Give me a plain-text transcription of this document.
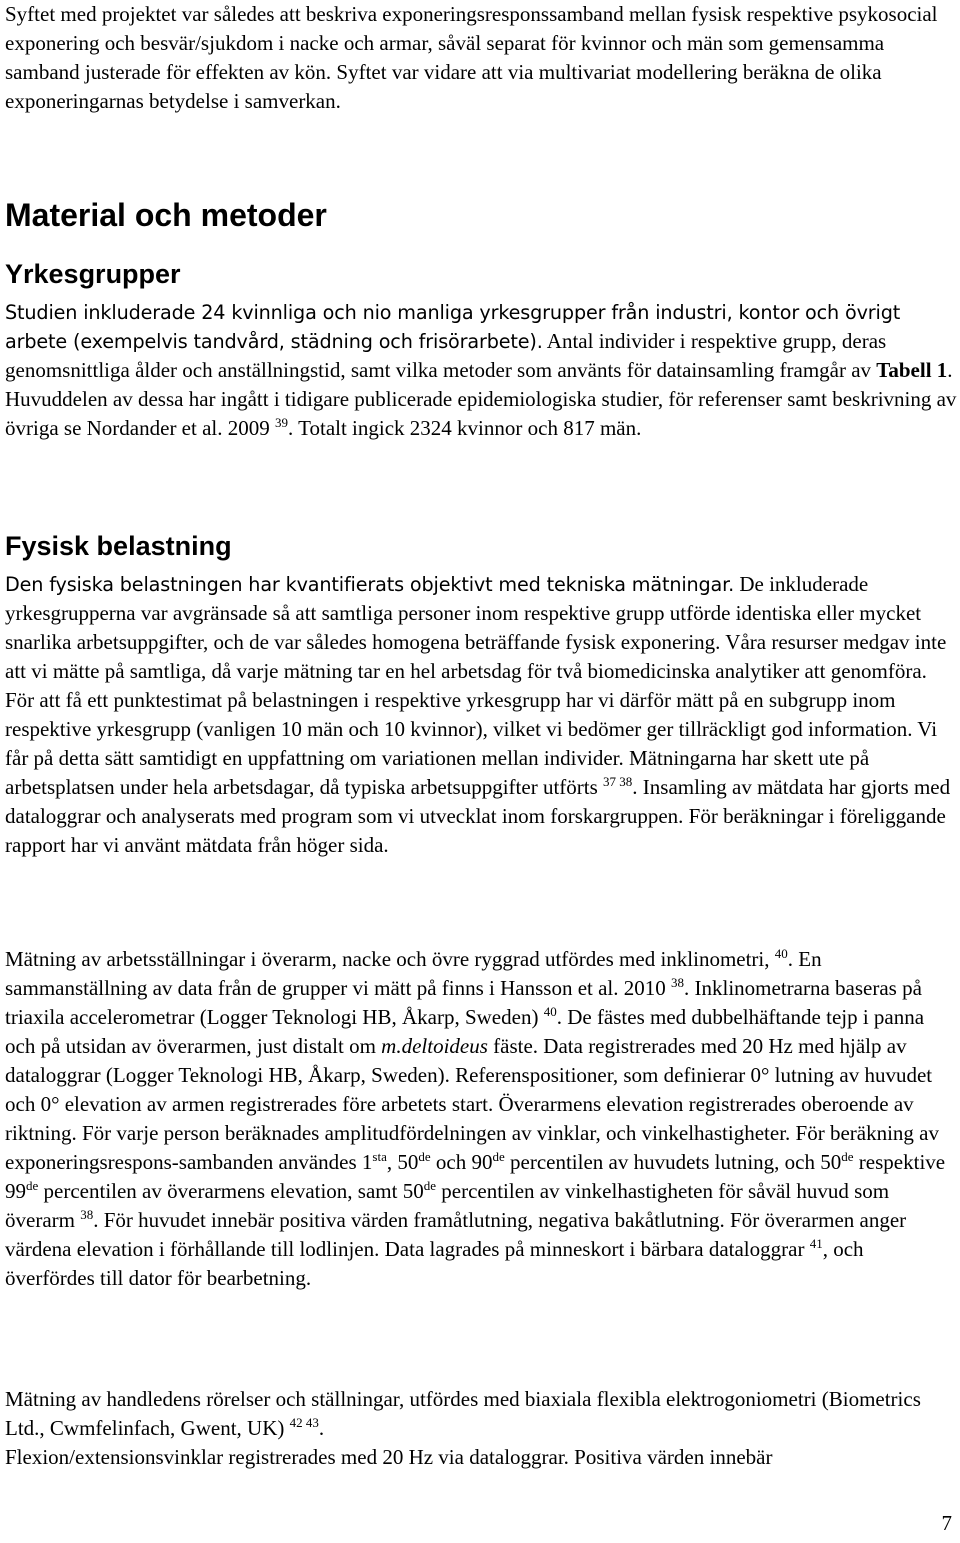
Syftet med projektet var således att beskriva exponeringsresponssamband mellan fysisk respektive psykosocial exponering och besvär/sjukdom i nacke och armar, såväl separat för kvinnor och män som gemensamma samband justerade för effekten av kön. Syftet var vidare att via multivariat modellering beräkna de olika exponeringarnas betydelse i samverkan.

Material och metoder
Yrkesgrupper

Studien inkluderade 24 kvinnliga och nio manliga yrkesgrupper från industri, kontor och övrigt arbete (exempelvis tandvård, städning och frisörarbete). Antal individer i respektive grupp, deras genomsnittliga ålder och anställningstid, samt vilka metoder som använts för datainsamling framgår av Tabell 1. Huvuddelen av dessa har ingått i tidigare publicerade epidemiologiska studier, för referenser samt beskrivning av övriga se Nordander et al. 2009 $^{39}$. Totalt ingick 2324 kvinnor och 817 män.

Fysisk belastning

Den fysiska belastningen har kvantifierats objektivt med tekniska mätningar. De inkluderade yrkesgrupperna var avgränsade så att samtliga personer inom respektive grupp utförde identiska eller mycket snarlika arbetsuppgifter, och de var således homogena beträffande fysisk exponering. Våra resurser medgav inte att vi mätte på samtliga, då varje mätning tar en hel arbetsdag för två biomedicinska analytiker att genomföra. För att få ett punktestimat på belastningen i respektive yrkesgrupp har vi därför mätt på en subgrupp inom respektive yrkesgrupp (vanligen 10 män och 10 kvinnor), vilket vi bedömer ger tillräckligt god information. Vi får på detta sätt samtidigt en uppfattning om variationen mellan individer. Mätningarna har skett ute på arbetsplatsen under hela arbetsdagar, då typiska arbetsuppgifter utförts $^{37 38}$. Insamling av mätdata har gjorts med dataloggrar och analyserats med program som vi utvecklat inom forskargruppen. För beräkningar i föreliggande rapport har vi använt mätdata från höger sida.

Mätning av arbetsställningar i överarm, nacke och övre ryggrad utfördes med inklinometri, $^{40}$. En sammanställning av data från de grupper vi mätt på finns i Hansson et al. 2010 $^{38}$. Inklinometrarna baseras på triaxila accelerometrar (Logger Teknologi HB, Åkarp, Sweden) $^{40}$. De fästes med dubbelhäftande tejp i panna och på utsidan av överarmen, just distalt om m.deltoideus fäste. Data registrerades med 20 Hz med hjälp av dataloggrar (Logger Teknologi HB, Åkarp, Sweden). Referenspositioner, som definierar 0° lutning av huvudet och 0° elevation av armen registrerades före arbetets start. Överarmens elevation registrerades oberoende av riktning. För varje person beräknades amplitudfördelningen av vinklar, och vinkelhastigheter. För beräkning av exponeringsrespons-sambanden användes $1^{sta}$, 50de och 90de percentilen av huvudets lutning, och 50de respektive 99de percentilen av överarmens elevation, samt 50de percentilen av vinkelhastigheten för såväl huvud som överarm $^{38}$. För huvudet innebär positiva värden framåtlutning, negativa bakåtlutning. För överarmen anger värdena elevation i förhållande till lodlinjen. Data lagrades på minneskort i bärbara dataloggrar $^{41}$, och överfördes till dator för bearbetning.

Mätning av handledens rörelser och ställningar, utfördes med biaxiala flexibla elektrogoniometri (Biometrics Ltd., Cwmfelinfach, Gwent, UK) $^{42 43}$.
Flexion/extensionsvinklar registrerades med 20 Hz via dataloggrar. Positiva värden innebär

7
